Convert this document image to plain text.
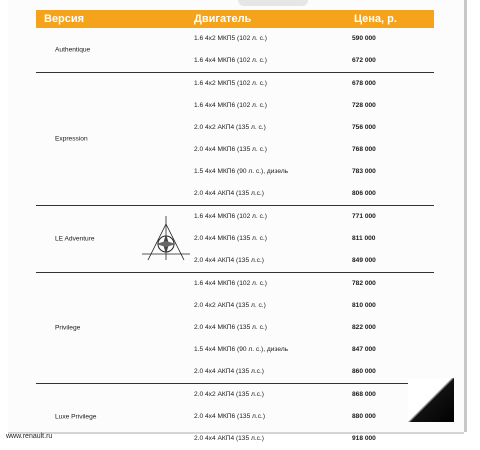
Версия	Двигатель	Цена, р.
Authentique
1.6 4х2 МКП5 (102 л. с.)	590 000
1.6 4х4 МКП6 (102 л. с.)	672 000
Expression
1.6 4х2 МКП5 (102 л. с.)	678 000
1.6 4х4 МКП6 (102 л. с.)	728 000
2.0 4х2 АКП4 (135 л. с.)	756 000
2.0 4х4 МКП6 (135 л. с.)	768 000
1.5 4х4 МКП6 (90 л. с.), дизель	783 000
2.0 4х4 АКП4 (135 л.с.)	806 000
LE Adventure
1.6 4х4 МКП6 (102 л. с.)	771 000
2.0 4х4 МКП6 (135 л. с.)	811 000
2.0 4х4 АКП4 (135 л.с.)	849 000
Privilege
1.6 4х4 МКП6 (102 л. с.)	782 000
2.0 4х2 АКП4 (135 л. с.)	810 000
2.0 4х4 МКП6 (135 л. с.)	822 000
1.5 4х4 МКП6 (90 л. с.), дизель	847 000
2.0 4х4 АКП4 (135 л.с.)	860 000
Luxe Privilege
2.0 4х2 АКП4 (135 л.с.)	868 000
2.0 4х4 МКП6 (135 л.с.)	880 000
2.0 4х4 АКП4 (135 л.с.)	918 000
www.renault.ru
